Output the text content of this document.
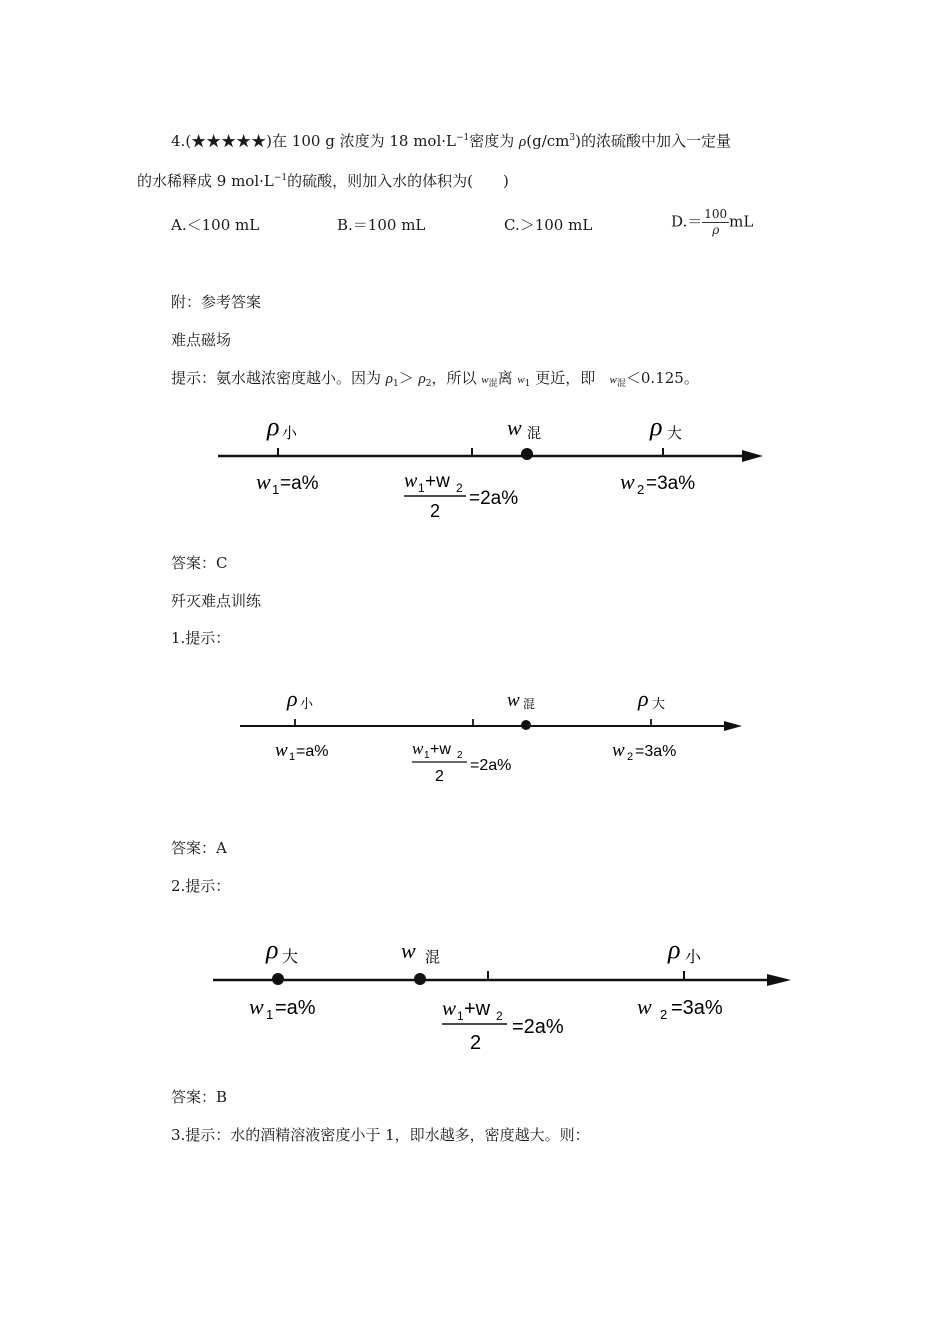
4.(★★★★★)在 100 g 浓度为 18 $mol\cdot L^{-1}$密度为 $\rho(g/cm^3)$的浓硫酸中加入一定量
的水稀释成 9 $mol\cdot L^{-1}$的硫酸，则加入水的体积为(　　)
A.＜100 mL	B.＝100 mL	C.＞100 mL	$D.= \frac{100}{\rho}$ mL
附：参考答案
难点磁场
提示：氨水越浓密度越小。因为 $\rho_1> \rho_2$，所以 $w_混$离 $w_1$ 更近，即   $w_混<0.125$。
ρ 小	w 混	ρ 大
w 1 =a%	w 1 +w 2
2
=2a%
w 2 =3a%
答案：C
歼灭难点训练
1.提示：
ρ 小	w 混	ρ 大
w 1 =a%	w 1 +w 2
2
=2a%
w 2 =3a%
答案：A
2.提示：
ρ 大	w 混	ρ 小
w 1 =a%	w 1 +w 2
2
=2a%
w 2 =3a%
答案：B
3.提示：水的酒精溶液密度小于 1，即水越多，密度越大。则：
